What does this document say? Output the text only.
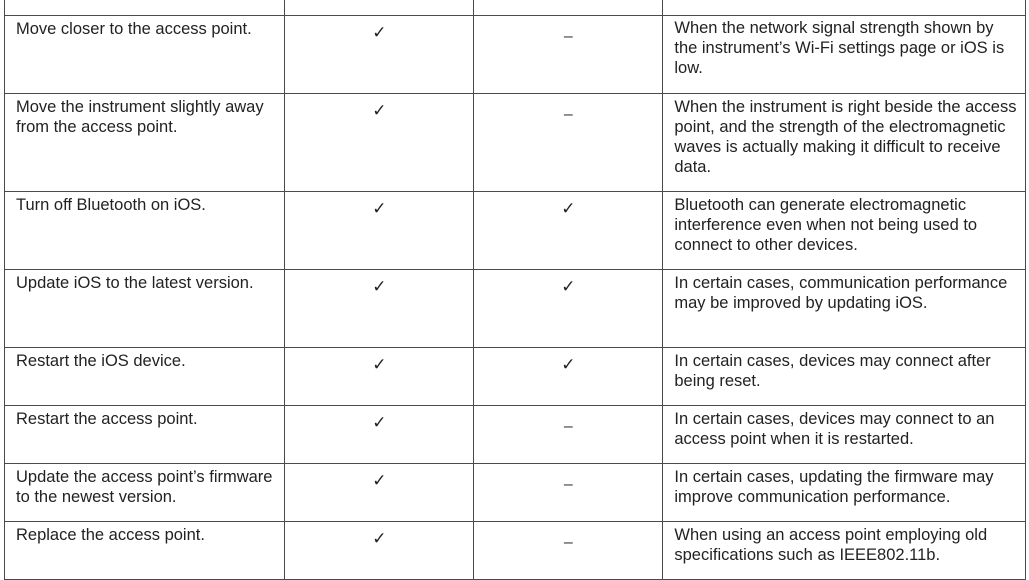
Move closer to the access point.	✓	–	When the network signal strength shown by the instrument’s Wi-Fi settings page or iOS is low.

Move the instrument slightly away from the access point.	✓	–	When the instrument is right beside the access point, and the strength of the electromagnetic waves is actually making it difficult to receive data.

Turn off Bluetooth on iOS.	✓	✓	Bluetooth can generate electromagnetic interference even when not being used to connect to other devices.

Update iOS to the latest version.	✓	✓	In certain cases, communication performance may be improved by updating iOS.

Restart the iOS device.	✓	✓	In certain cases, devices may connect after being reset.

Restart the access point.	✓	–	In certain cases, devices may connect to an access point when it is restarted.

Update the access point’s firmware to the newest version.	✓	–	In certain cases, updating the firmware may improve communication performance.

Replace the access point.	✓	–	When using an access point employing old specifications such as IEEE802.11b.
